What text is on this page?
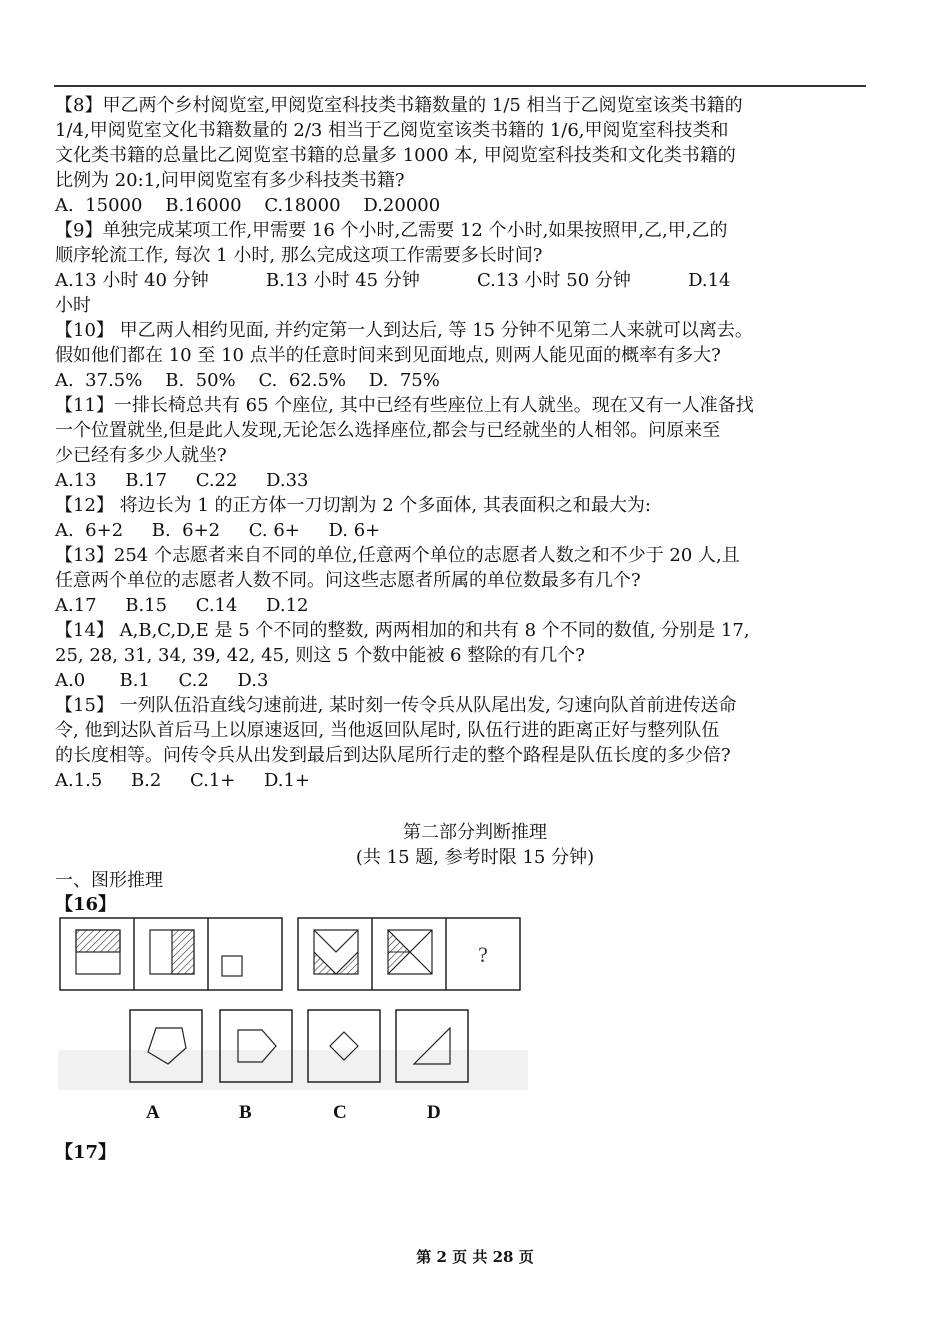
【8】甲乙两个乡村阅览室,甲阅览室科技类书籍数量的 1/5 相当于乙阅览室该类书籍的
1/4,甲阅览室文化书籍数量的 2/3 相当于乙阅览室该类书籍的 1/6,甲阅览室科技类和
文化类书籍的总量比乙阅览室书籍的总量多 1000 本, 甲阅览室科技类和文化类书籍的
比例为 20:1,问甲阅览室有多少科技类书籍?
A.  15000    B.16000    C.18000    D.20000
【9】单独完成某项工作,甲需要 16 个小时,乙需要 12 个小时,如果按照甲,乙,甲,乙的
顺序轮流工作, 每次 1 小时, 那么完成这项工作需要多长时间?
A.13 小时 40 分钟          B.13 小时 45 分钟          C.13 小时 50 分钟          D.14
小时
【10】 甲乙两人相约见面, 并约定第一人到达后, 等 15 分钟不见第二人来就可以离去。
假如他们都在 10 至 10 点半的任意时间来到见面地点, 则两人能见面的概率有多大?
A.  37.5%    B.  50%    C.  62.5%    D.  75%
【11】一排长椅总共有 65 个座位, 其中已经有些座位上有人就坐。现在又有一人准备找
一个位置就坐,但是此人发现,无论怎么选择座位,都会与已经就坐的人相邻。问原来至
少已经有多少人就坐?
A.13     B.17     C.22     D.33
【12】 将边长为 1 的正方体一刀切割为 2 个多面体, 其表面积之和最大为:
A.  6+2     B.  6+2     C. 6+     D. 6+
【13】254 个志愿者来自不同的单位,任意两个单位的志愿者人数之和不少于 20 人,且
任意两个单位的志愿者人数不同。问这些志愿者所属的单位数最多有几个?
A.17     B.15     C.14     D.12
【14】 A,B,C,D,E 是 5 个不同的整数, 两两相加的和共有 8 个不同的数值, 分别是 17,
25, 28, 31, 34, 39, 42, 45, 则这 5 个数中能被 6 整除的有几个?
A.0      B.1     C.2     D.3
【15】 一列队伍沿直线匀速前进, 某时刻一传令兵从队尾出发, 匀速向队首前进传送命
令, 他到达队首后马上以原速返回, 当他返回队尾时, 队伍行进的距离正好与整列队伍
的长度相等。问传令兵从出发到最后到达队尾所行走的整个路程是队伍长度的多少倍?
A.1.5     B.2     C.1+     D.1+
第二部分判断推理
(共 15 题, 参考时限 15 分钟)
一、图形推理
【16】
?
A	B	C	D
【17】
第 2 页 共 28 页
